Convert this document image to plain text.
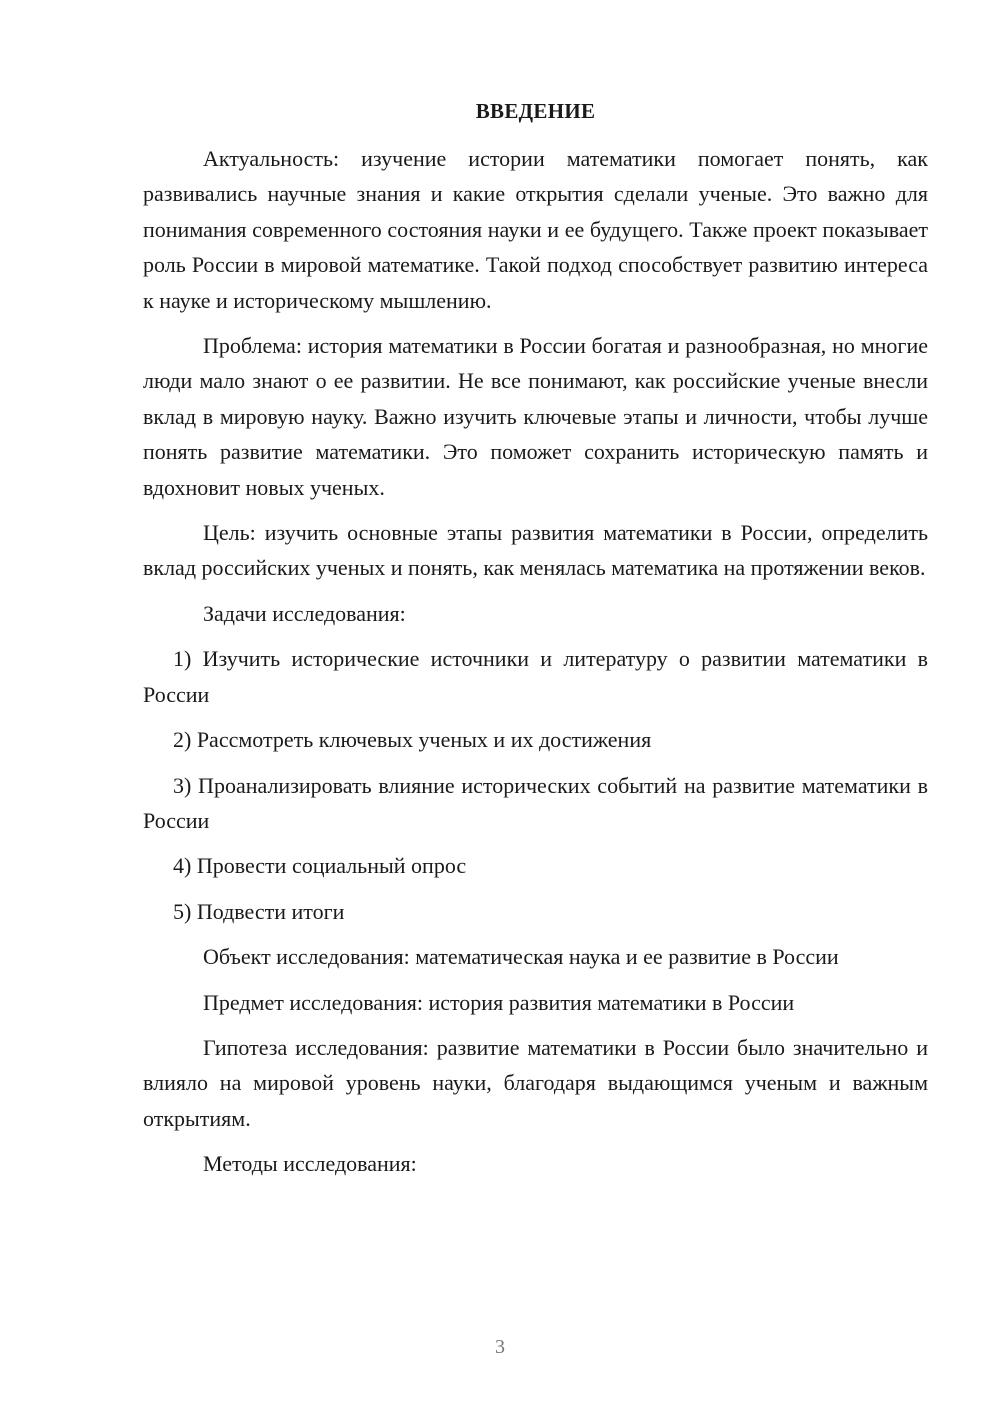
ВВЕДЕНИЕ

Актуальность: изучение истории математики помогает понять, как развивались научные знания и какие открытия сделали ученые. Это важно для понимания современного состояния науки и ее будущего. Также проект показывает роль России в мировой математике. Такой подход способствует развитию интереса к науке и историческому мышлению.

Проблема: история математики в России богатая и разнообразная, но многие люди мало знают о ее развитии. Не все понимают, как российские ученые внесли вклад в мировую науку. Важно изучить ключевые этапы и личности, чтобы лучше понять развитие математики. Это поможет сохранить историческую память и вдохновит новых ученых.

Цель: изучить основные этапы развития математики в России, определить вклад российских ученых и понять, как менялась математика на протяжении веков.

Задачи исследования:

1) Изучить исторические источники и литературу о развитии математики в России

2) Рассмотреть ключевых ученых и их достижения

3) Проанализировать влияние исторических событий на развитие математики в России

4) Провести социальный опрос

5) Подвести итоги

Объект исследования: математическая наука и ее развитие в России

Предмет исследования: история развития математики в России

Гипотеза исследования: развитие математики в России было значительно и влияло на мировой уровень науки, благодаря выдающимся ученым и важным открытиям.

Методы исследования:

3
